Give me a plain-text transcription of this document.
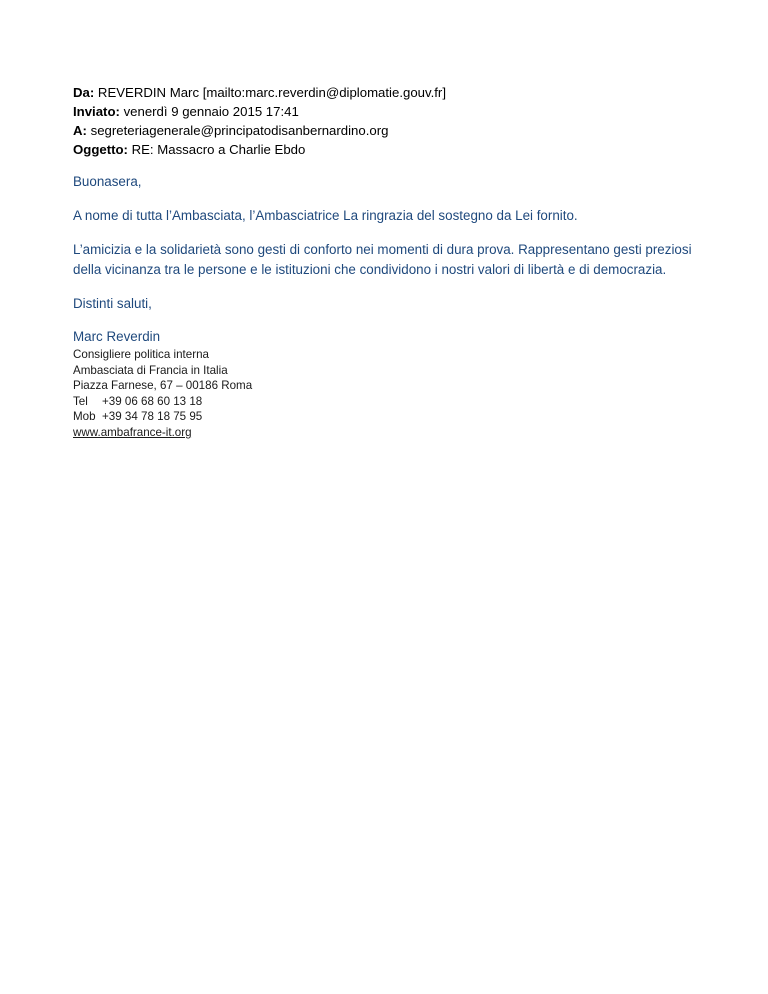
Da: REVERDIN Marc [mailto:marc.reverdin@diplomatie.gouv.fr]
Inviato: venerdì 9 gennaio 2015 17:41
A: segreteriagenerale@principatodisanbernardino.org
Oggetto: RE: Massacro a Charlie Ebdo
Buonasera,
A nome di tutta l’Ambasciata, l’Ambasciatrice La ringrazia del sostegno da Lei fornito.
L’amicizia e la solidarietà sono gesti di conforto nei momenti di dura prova. Rappresentano gesti preziosi della vicinanza tra le persone e le istituzioni che condividono i nostri valori di libertà e di democrazia.
Distinti saluti,
Marc Reverdin
Consigliere politica interna
Ambasciata di Francia in Italia
Piazza Farnese, 67 – 00186 Roma
Tel +39 06 68 60 13 18
Mob +39 34 78 18 75 95
www.ambafrance-it.org
